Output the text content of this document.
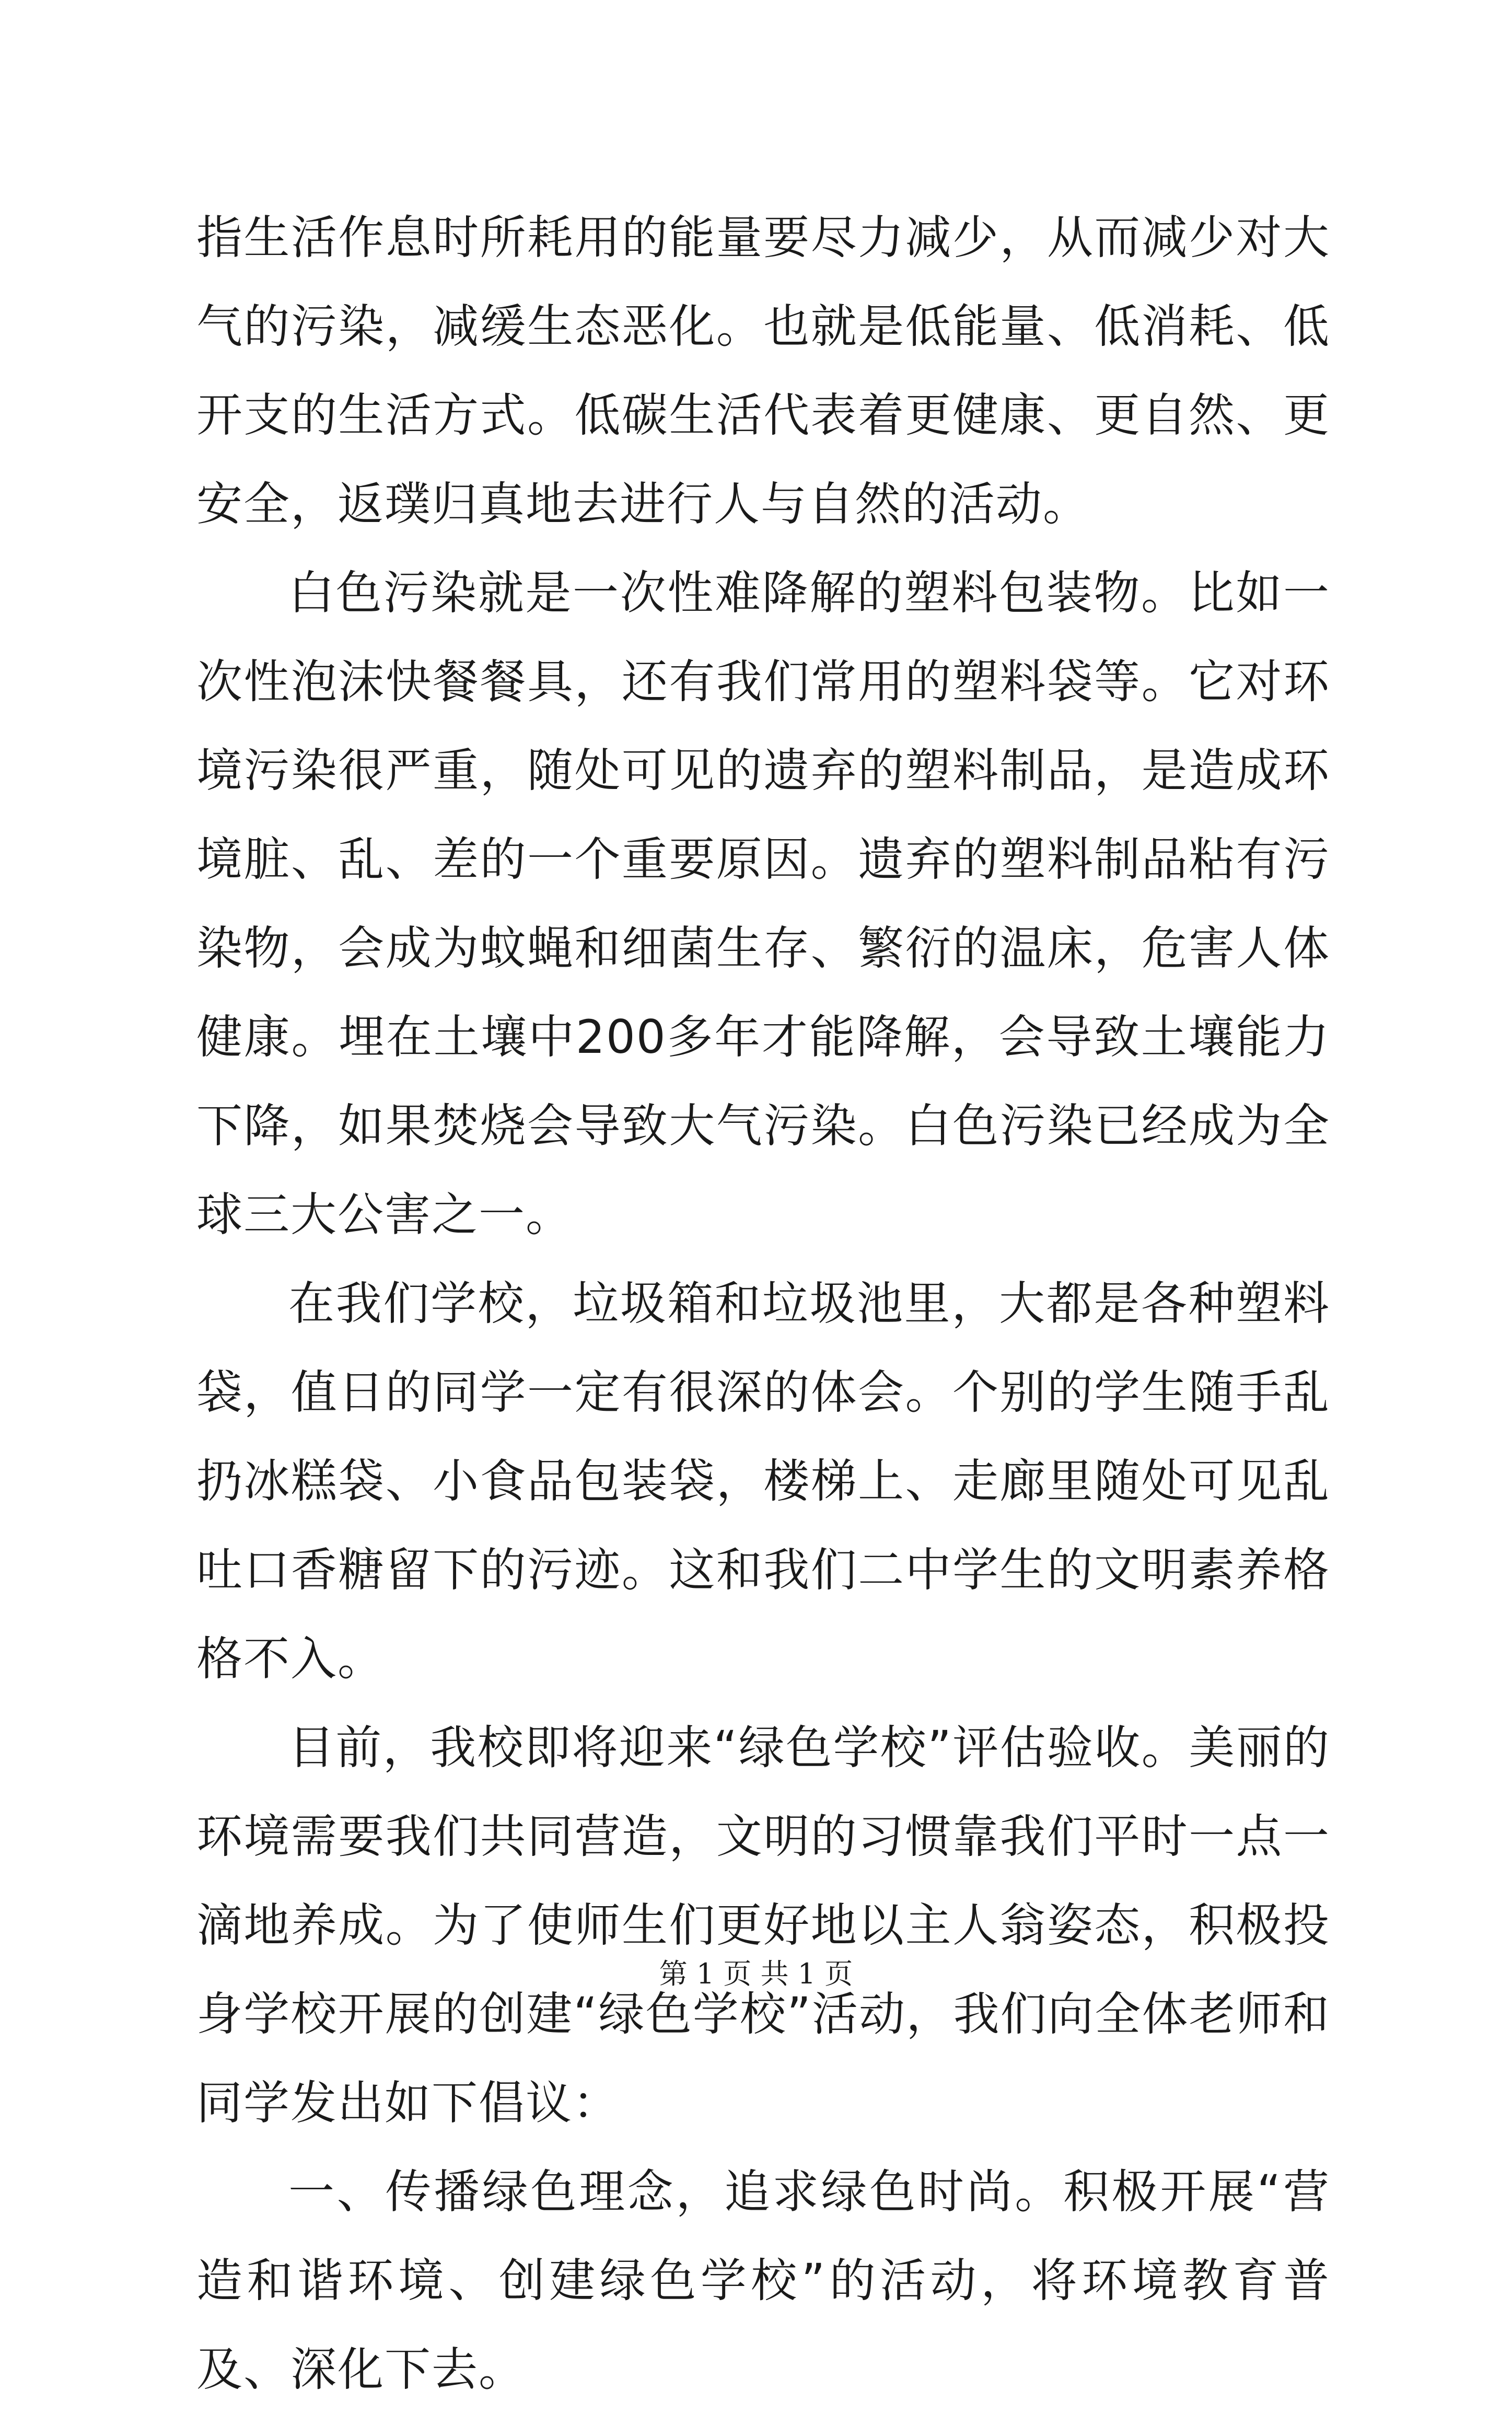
指生活作息时所耗用的能量要尽力减少，从而减少对大气的污染，减缓生态恶化。也就是低能量、低消耗、低开支的生活方式。低碳生活代表着更健康、更自然、更安全，返璞归真地去进行人与自然的活动。

白色污染就是一次性难降解的塑料包装物。比如一次性泡沫快餐餐具，还有我们常用的塑料袋等。它对环境污染很严重，随处可见的遗弃的塑料制品，是造成环境脏、乱、差的一个重要原因。遗弃的塑料制品粘有污染物，会成为蚊蝇和细菌生存、繁衍的温床，危害人体健康。埋在土壤中200多年才能降解，会导致土壤能力下降，如果焚烧会导致大气污染。白色污染已经成为全球三大公害之一。

在我们学校，垃圾箱和垃圾池里，大都是各种塑料袋，值日的同学一定有很深的体会。个别的学生随手乱扔冰糕袋、小食品包装袋，楼梯上、走廊里随处可见乱吐口香糖留下的污迹。这和我们二中学生的文明素养格格不入。

目前，我校即将迎来“绿色学校”评估验收。美丽的环境需要我们共同营造，文明的习惯靠我们平时一点一滴地养成。为了使师生们更好地以主人翁姿态，积极投身学校开展的创建“绿色学校”活动，我们向全体老师和同学发出如下倡议：

一、传播绿色理念，追求绿色时尚。积极开展“营造和谐环境、创建绿色学校”的活动，将环境教育普及、深化下去。

第 1 页 共 1 页
